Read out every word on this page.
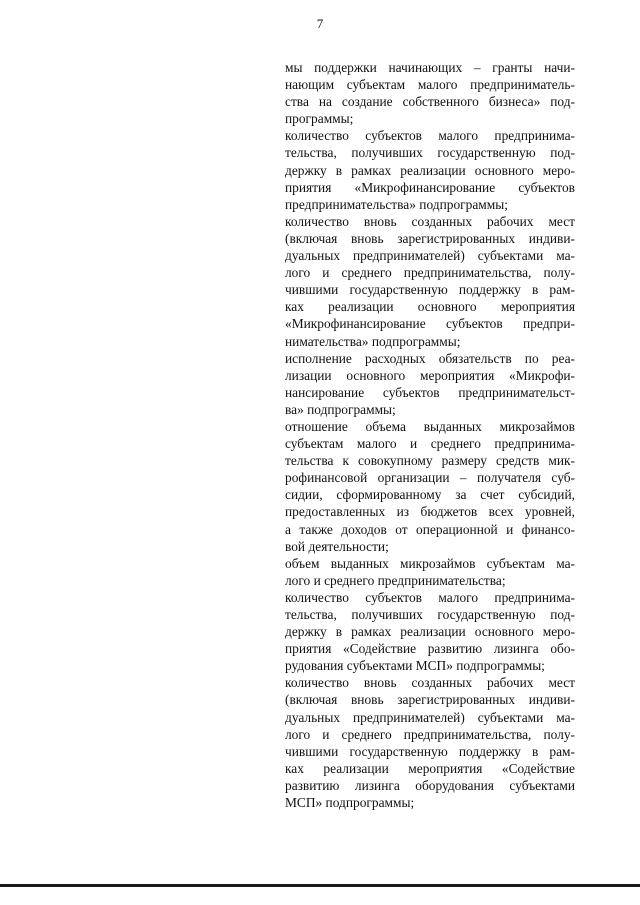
7
мы поддержки начинающих – гранты начи-
нающим субъектам малого предприниматель-
ства на создание собственного бизнеса» под-
программы;
количество субъектов малого предпринима-
тельства, получивших государственную под-
держку в рамках реализации основного меро-
приятия «Микрофинансирование субъектов
предпринимательства» подпрограммы;
количество вновь созданных рабочих мест
(включая вновь зарегистрированных индиви-
дуальных предпринимателей) субъектами ма-
лого и среднего предпринимательства, полу-
чившими государственную поддержку в рам-
ках реализации основного мероприятия
«Микрофинансирование субъектов предпри-
нимательства» подпрограммы;
исполнение расходных обязательств по реа-
лизации основного мероприятия «Микрофи-
нансирование субъектов предпринимательст-
ва» подпрограммы;
отношение объема выданных микрозаймов
субъектам малого и среднего предпринима-
тельства к совокупному размеру средств мик-
рофинансовой организации – получателя суб-
сидии, сформированному за счет субсидий,
предоставленных из бюджетов всех уровней,
а также доходов от операционной и финансо-
вой деятельности;
объем выданных микрозаймов субъектам ма-
лого и среднего предпринимательства;
количество субъектов малого предпринима-
тельства, получивших государственную под-
держку в рамках реализации основного меро-
приятия «Содействие развитию лизинга обо-
рудования субъектами МСП» подпрограммы;
количество вновь созданных рабочих мест
(включая вновь зарегистрированных индиви-
дуальных предпринимателей) субъектами ма-
лого и среднего предпринимательства, полу-
чившими государственную поддержку в рам-
ках реализации мероприятия «Содействие
развитию лизинга оборудования субъектами
МСП» подпрограммы;
